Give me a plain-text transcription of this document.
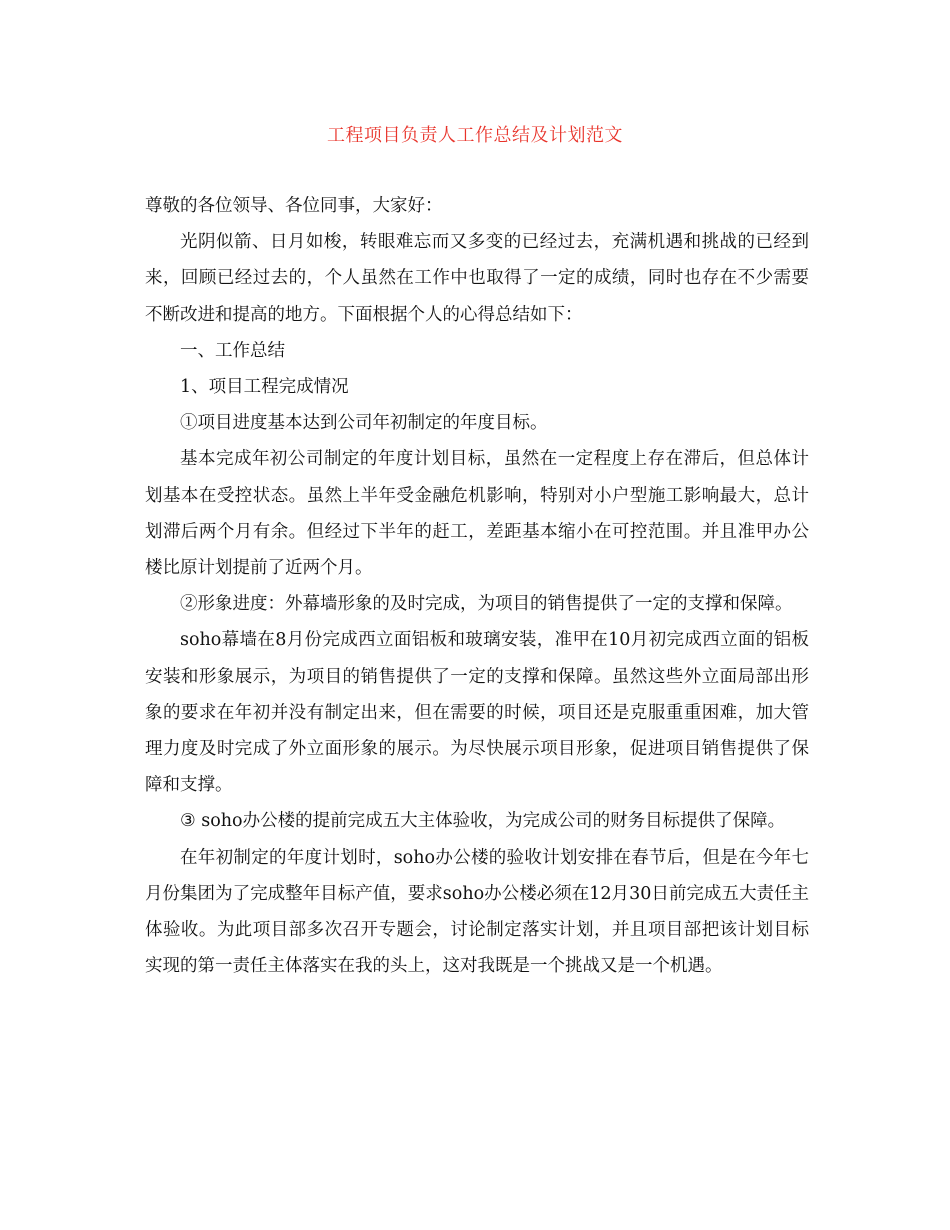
工程项目负责人工作总结及计划范文

尊敬的各位领导、各位同事，大家好：

光阴似箭、日月如梭，转眼难忘而又多变的已经过去，充满机遇和挑战的已经到来，回顾已经过去的，个人虽然在工作中也取得了一定的成绩，同时也存在不少需要不断改进和提高的地方。下面根据个人的心得总结如下：

一、工作总结

1、项目工程完成情况

①项目进度基本达到公司年初制定的年度目标。

基本完成年初公司制定的年度计划目标，虽然在一定程度上存在滞后，但总体计划基本在受控状态。虽然上半年受金融危机影响，特别对小户型施工影响最大，总计划滞后两个月有余。但经过下半年的赶工，差距基本缩小在可控范围。并且准甲办公楼比原计划提前了近两个月。

②形象进度：外幕墙形象的及时完成，为项目的销售提供了一定的支撑和保障。

soho幕墙在8月份完成西立面铝板和玻璃安装，准甲在10月初完成西立面的铝板安装和形象展示，为项目的销售提供了一定的支撑和保障。虽然这些外立面局部出形象的要求在年初并没有制定出来，但在需要的时候，项目还是克服重重困难，加大管理力度及时完成了外立面形象的展示。为尽快展示项目形象，促进项目销售提供了保障和支撑。

③ soho办公楼的提前完成五大主体验收，为完成公司的财务目标提供了保障。

在年初制定的年度计划时，soho办公楼的验收计划安排在春节后，但是在今年七月份集团为了完成整年目标产值，要求soho办公楼必须在12月30日前完成五大责任主体验收。为此项目部多次召开专题会，讨论制定落实计划，并且项目部把该计划目标实现的第一责任主体落实在我的头上，这对我既是一个挑战又是一个机遇。
